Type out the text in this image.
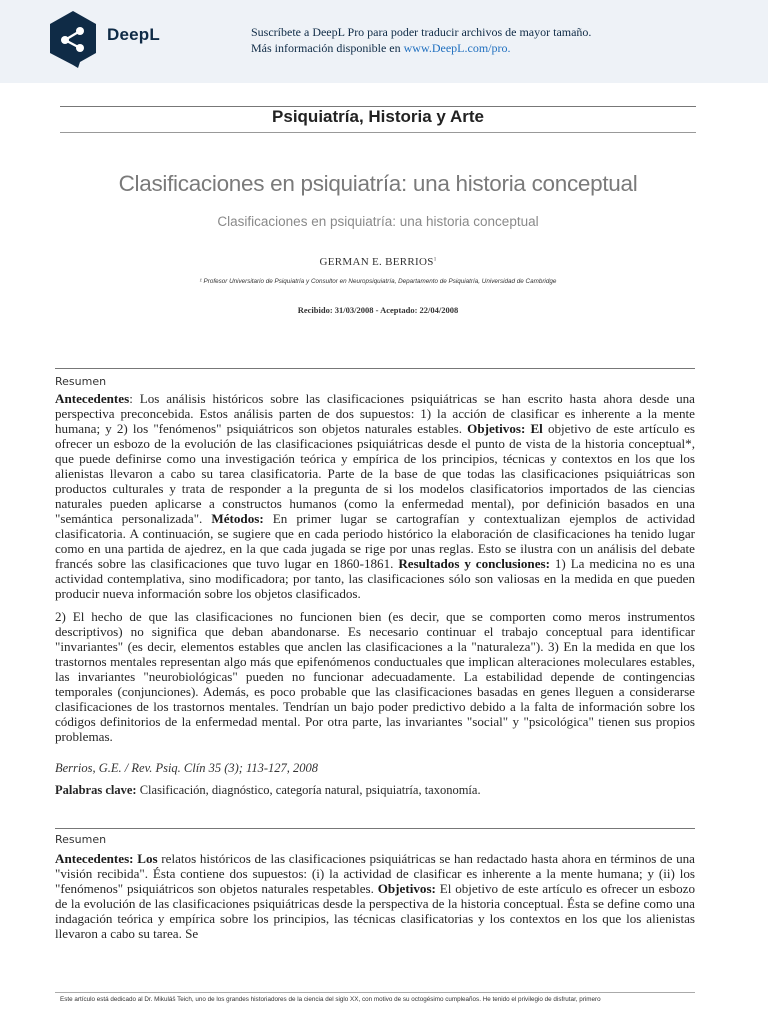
DeepL	Suscríbete a DeepL Pro para poder traducir archivos de mayor tamaño.
Más información disponible en www.DeepL.com/pro.
Psiquiatría, Historia y Arte
Clasificaciones en psiquiatría: una historia conceptual
Clasificaciones en psiquiatría: una historia conceptual
GERMAN E. BERRIOS$^1$
¹ Profesor Universitario de Psiquiatría y Consultor en Neuropsiquiatría, Departamento de Psiquiatría, Universidad de Cambridge
Recibido: 31/03/2008 - Aceptado: 22/04/2008
Resumen

Antecedentes: Los análisis históricos sobre las clasificaciones psiquiátricas se han escrito hasta ahora desde una perspectiva preconcebida. Estos análisis parten de dos supuestos: 1) la acción de clasificar es inherente a la mente humana; y 2) los "fenómenos" psiquiátricos son objetos naturales estables. Objetivos: El objetivo de este artículo es ofrecer un esbozo de la evolución de las clasificaciones psiquiátricas desde el punto de vista de la historia conceptual*, que puede definirse como una investigación teórica y empírica de los principios, técnicas y contextos en los que los alienistas llevaron a cabo su tarea clasificatoria. Parte de la base de que todas las clasificaciones psiquiátricas son productos culturales y trata de responder a la pregunta de si los modelos clasificatorios importados de las ciencias naturales pueden aplicarse a constructos humanos (como la enfermedad mental), por definición basados en una "semántica personalizada". Métodos: En primer lugar se cartografían y contextualizan ejemplos de actividad clasificatoria. A continuación, se sugiere que en cada periodo histórico la elaboración de clasificaciones ha tenido lugar como en una partida de ajedrez, en la que cada jugada se rige por unas reglas. Esto se ilustra con un análisis del debate francés sobre las clasificaciones que tuvo lugar en 1860-1861. Resultados y conclusiones: 1) La medicina no es una actividad contemplativa, sino modificadora; por tanto, las clasificaciones sólo son valiosas en la medida en que pueden producir nueva información sobre los objetos clasificados.

2) El hecho de que las clasificaciones no funcionen bien (es decir, que se comporten como meros instrumentos descriptivos) no significa que deban abandonarse. Es necesario continuar el trabajo conceptual para identificar "invariantes" (es decir, elementos estables que anclen las clasificaciones a la "naturaleza"). 3) En la medida en que los trastornos mentales representan algo más que epifenómenos conductuales que implican alteraciones moleculares estables, las invariantes "neurobiológicas" pueden no funcionar adecuadamente. La estabilidad depende de contingencias temporales (conjunciones). Además, es poco probable que las clasificaciones basadas en genes lleguen a considerarse clasificaciones de los trastornos mentales. Tendrían un bajo poder predictivo debido a la falta de información sobre los códigos definitorios de la enfermedad mental. Por otra parte, las invariantes "social" y "psicológica" tienen sus propios problemas.

Berrios, G.E. / Rev. Psiq. Clín 35 (3); 113-127, 2008
Palabras clave: Clasificación, diagnóstico, categoría natural, psiquiatría, taxonomía.
Resumen

Antecedentes: Los relatos históricos de las clasificaciones psiquiátricas se han redactado hasta ahora en términos de una "visión recibida". Ésta contiene dos supuestos: (i) la actividad de clasificar es inherente a la mente humana; y (ii) los "fenómenos" psiquiátricos son objetos naturales respetables. Objetivos: El objetivo de este artículo es ofrecer un esbozo de la evolución de las clasificaciones psiquiátricas desde la perspectiva de la historia conceptual. Ésta se define como una indagación teórica y empírica sobre los principios, las técnicas clasificatorias y los contextos en los que los alienistas llevaron a cabo su tarea. Se

Este artículo está dedicado al Dr. Mikuláš Teich, uno de los grandes historiadores de la ciencia del siglo XX, con motivo de su octogésimo cumpleaños. He tenido el privilegio de disfrutar, primero
